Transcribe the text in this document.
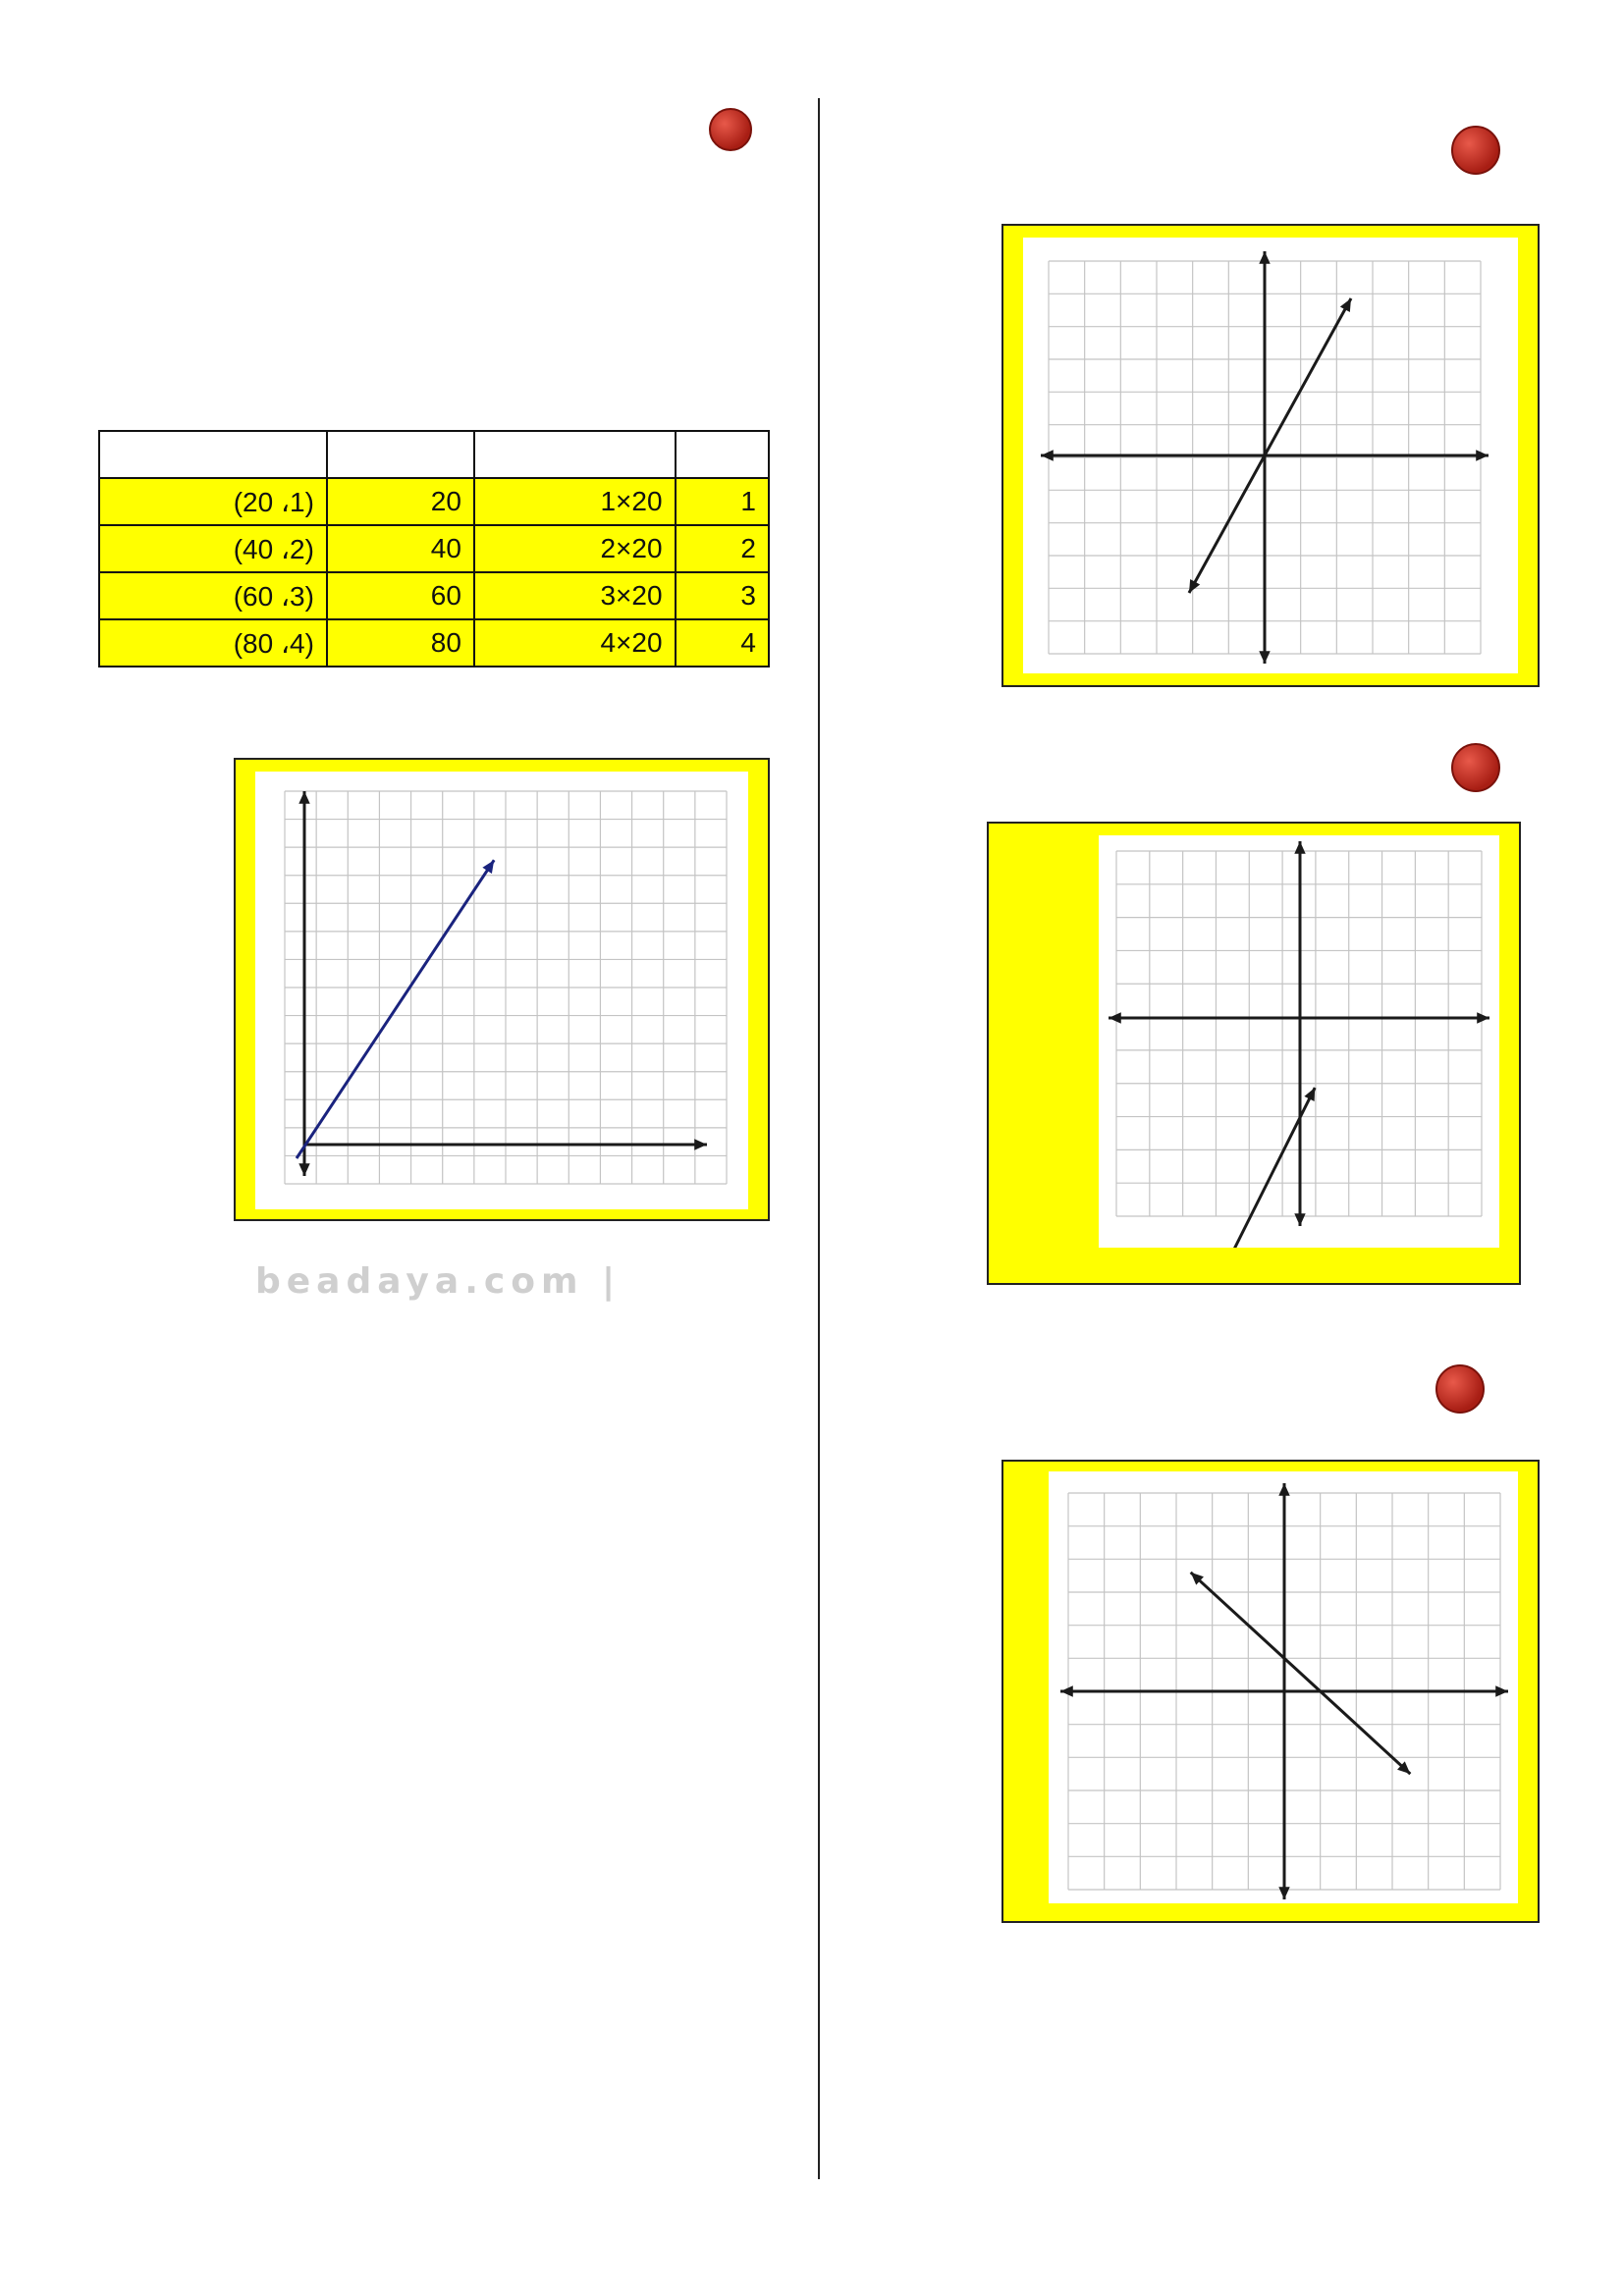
1	20×1	20	(1، 20)
2	20×2	40	(2، 40)
3	20×3	60	(3، 60)
4	20×4	80	(4، 80)
beadaya.com |
